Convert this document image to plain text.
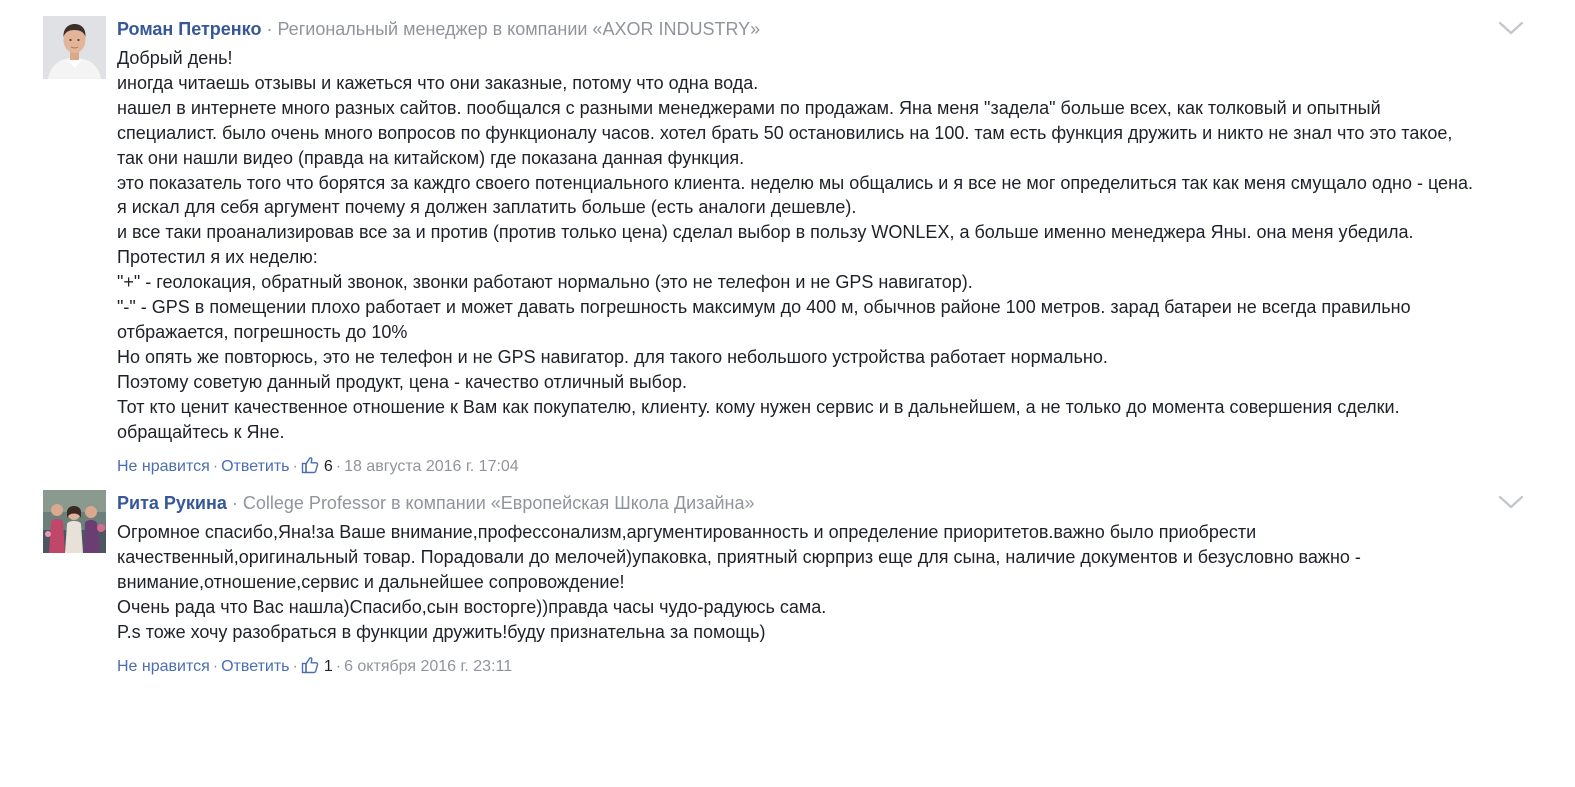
Роман Петренко · Региональный менеджер в компании «AXOR INDUSTRY»
Добрый день!
иногда читаешь отзывы и кажеться что они заказные, потому что одна вода.
нашел в интернете много разных сайтов. пообщался с разными менеджерами по продажам. Яна меня "задела" больше всех, как толковый и опытный
специалист. было очень много вопросов по функционалу часов. хотел брать 50 остановились на 100. там есть функция дружить и никто не знал что это такое,
так они нашли видео (правда на китайском) где показана данная функция.
это показатель того что борятся за каждго своего потенциального клиента. неделю мы общались и я все не мог определиться так как меня смущало одно - цена.
я искал для себя аргумент почему я должен заплатить больше (есть аналоги дешевле).
и все таки проанализировав все за и против (против только цена) сделал выбор в пользу WONLEX, а больше именно менеджера Яны. она меня убедила.
Протестил я их неделю:
"+" - геолокация, обратный звонок, звонки работают нормально (это не телефон и не GPS навигатор).
"-" - GPS в помещении плохо работает и может давать погрешность максимум до 400 м, обычнов районе 100 метров. зарад батареи не всегда правильно
отбражается, погрешность до 10%
Но опять же повторюсь, это не телефон и не GPS навигатор. для такого небольшого устройства работает нормально.
Поэтому советую данный продукт, цена - качество отличный выбор.
Тот кто ценит качественное отношение к Вам как покупателю, клиенту. кому нужен сервис и в дальнейшем, а не только до момента совершения сделки.
обращайтесь к Яне.
Не нравится · Ответить · 6 · 18 августа 2016 г. 17:04
Рита Рукина · College Professor в компании «Европейская Школа Дизайна»
Огромное спасибо,Яна!за Ваше внимание,профессонализм,аргументированность и определение приоритетов.важно было приобрести
качественный,оригинальный товар. Порадовали до мелочей)упаковка, приятный сюрприз еще для сына, наличие документов и безусловно важно -
внимание,отношение,сервис и дальнейшее сопровождение!
Очень рада что Вас нашла)Спасибо,сын восторге))правда часы чудо-радуюсь сама.
P.s тоже хочу разобраться в функции дружить!буду признательна за помощь)
Не нравится · Ответить · 1 · 6 октября 2016 г. 23:11
